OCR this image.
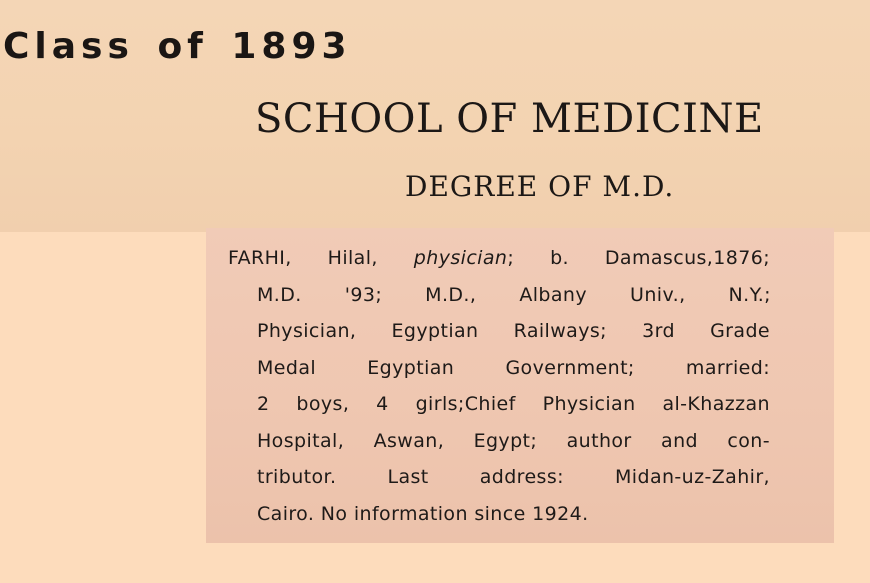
Class of 1893
SCHOOL OF MEDICINE
DEGREE OF M.D.
FARHI, Hilal, physician; b. Damascus,1876;
M.D. '93; M.D., Albany Univ., N.Y.;
Physician, Egyptian Railways; 3rd Grade
Medal Egyptian Government; married:
2 boys, 4 girls;Chief Physician al-Khazzan
Hospital, Aswan, Egypt; author and con-
tributor. Last address: Midan-uz-Zahir,
Cairo. No information since 1924.
